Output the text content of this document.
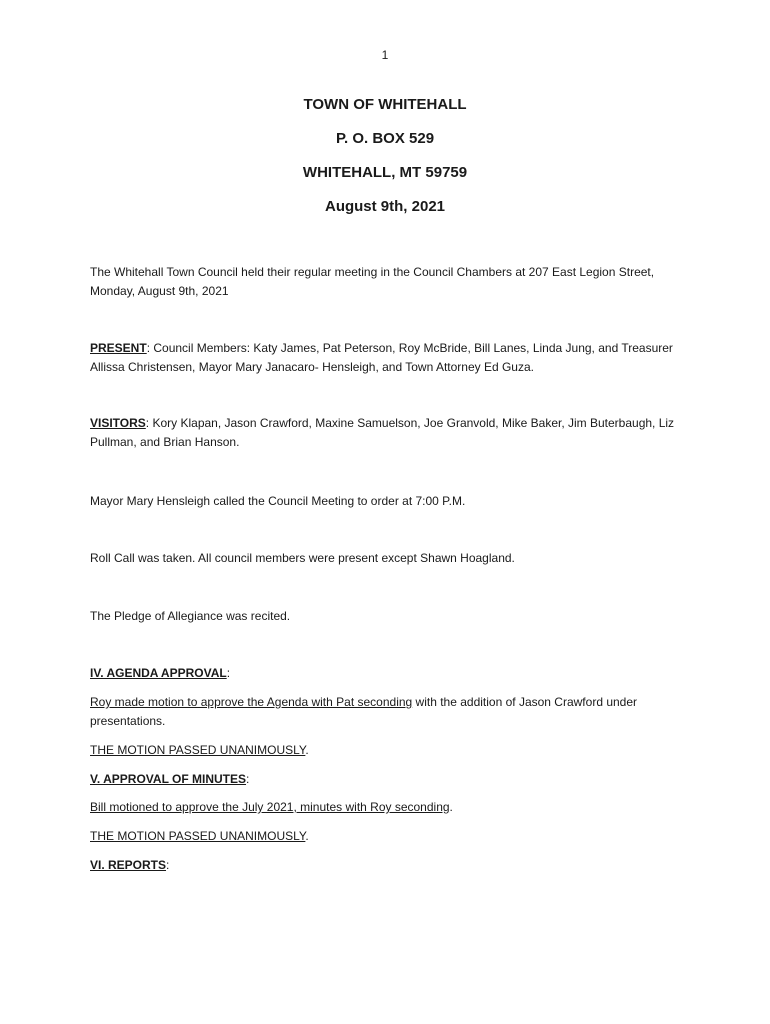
1
TOWN OF WHITEHALL
P. O. BOX 529
WHITEHALL, MT 59759
August 9th, 2021
The Whitehall Town Council held their regular meeting in the Council Chambers at 207 East Legion Street, Monday, August 9th, 2021
PRESENT: Council Members: Katy James, Pat Peterson, Roy McBride, Bill Lanes, Linda Jung, and Treasurer Allissa Christensen, Mayor Mary Janacaro- Hensleigh, and Town Attorney Ed Guza.
VISITORS: Kory Klapan, Jason Crawford, Maxine Samuelson, Joe Granvold, Mike Baker, Jim Buterbaugh, Liz Pullman, and Brian Hanson.
Mayor Mary Hensleigh called the Council Meeting to order at 7:00 P.M.
Roll Call was taken. All council members were present except Shawn Hoagland.
The Pledge of Allegiance was recited.
IV. AGENDA APPROVAL:
Roy made motion to approve the Agenda with Pat seconding with the addition of Jason Crawford under presentations.
THE MOTION PASSED UNANIMOUSLY.
V. APPROVAL OF MINUTES:
Bill motioned to approve the July 2021, minutes with Roy seconding.
THE MOTION PASSED UNANIMOUSLY.
VI. REPORTS:
